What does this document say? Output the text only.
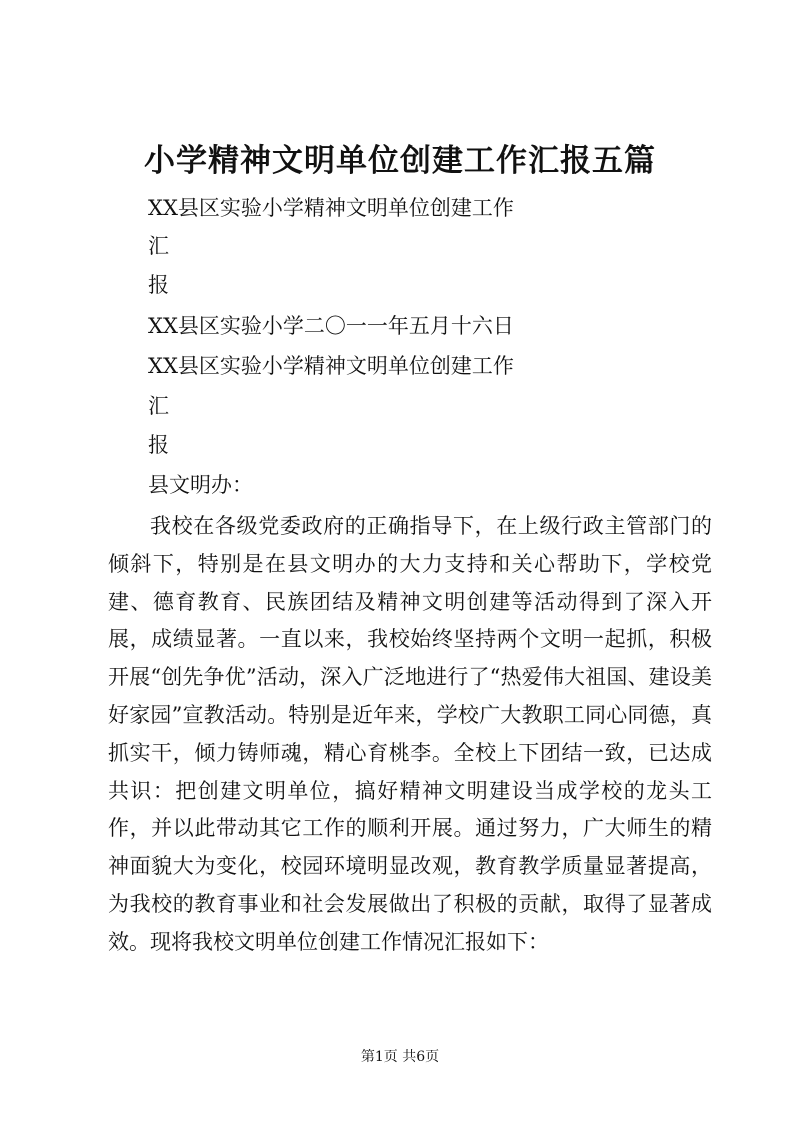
小学精神文明单位创建工作汇报五篇

XX县区实验小学精神文明单位创建工作

汇

报

XX县区实验小学二〇一一年五月十六日

XX县区实验小学精神文明单位创建工作

汇

报

县文明办：

我校在各级党委政府的正确指导下，在上级行政主管部门的倾斜下，特别是在县文明办的大力支持和关心帮助下，学校党建、德育教育、民族团结及精神文明创建等活动得到了深入开展，成绩显著。一直以来，我校始终坚持两个文明一起抓，积极开展“创先争优”活动，深入广泛地进行了“热爱伟大祖国、建设美好家园”宣教活动。特别是近年来，学校广大教职工同心同德，真抓实干，倾力铸师魂，精心育桃李。全校上下团结一致，已达成共识：把创建文明单位，搞好精神文明建设当成学校的龙头工作，并以此带动其它工作的顺利开展。通过努力，广大师生的精神面貌大为变化，校园环境明显改观，教育教学质量显著提高，为我校的教育事业和社会发展做出了积极的贡献，取得了显著成效。现将我校文明单位创建工作情况汇报如下：

第1页 共6页
